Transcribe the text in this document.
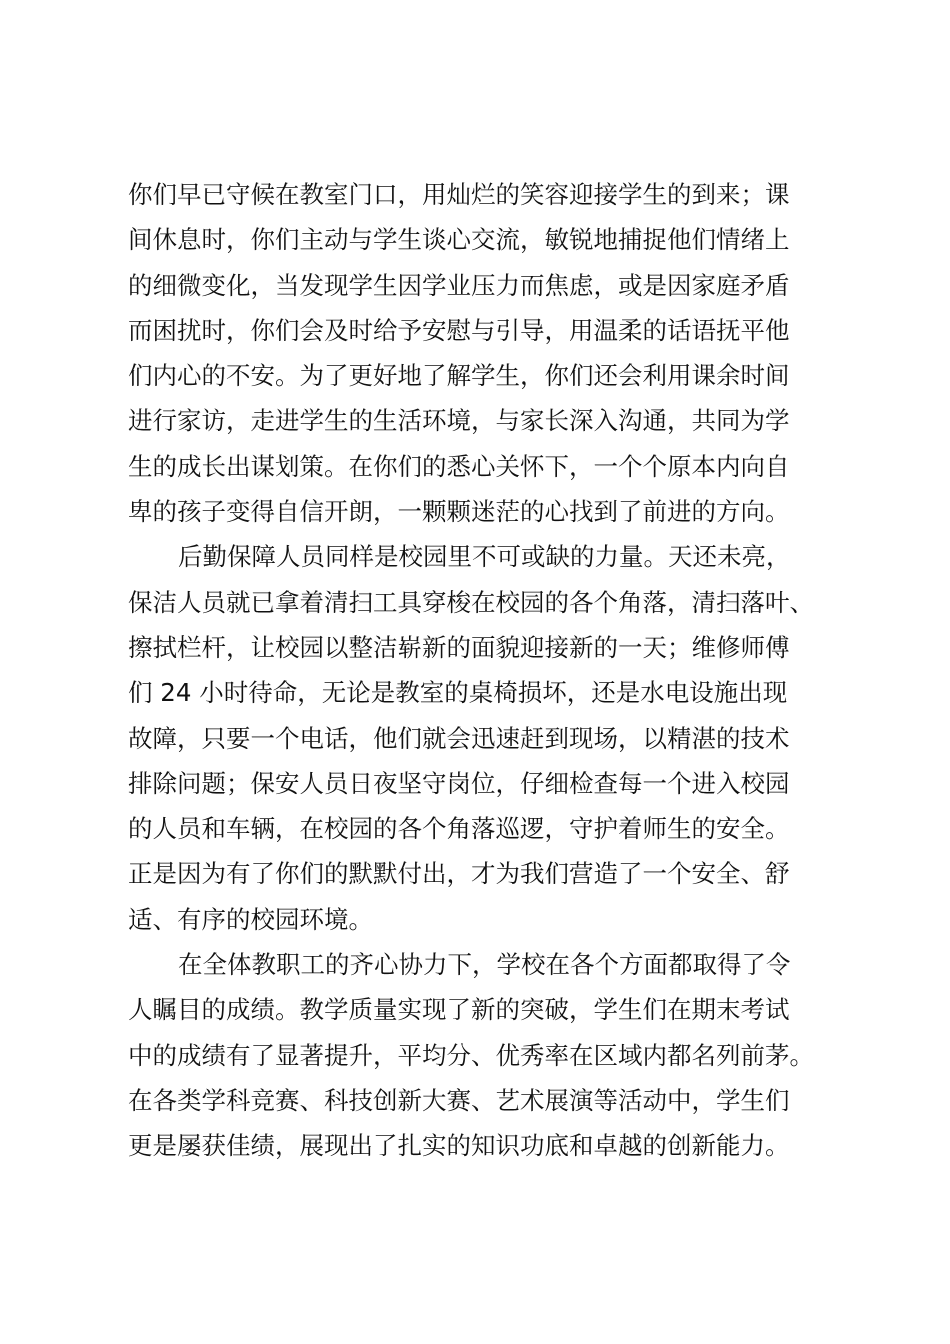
你们早已守候在教室门口，用灿烂的笑容迎接学生的到来；课
间休息时，你们主动与学生谈心交流，敏锐地捕捉他们情绪上
的细微变化，当发现学生因学业压力而焦虑，或是因家庭矛盾
而困扰时，你们会及时给予安慰与引导，用温柔的话语抚平他
们内心的不安。为了更好地了解学生，你们还会利用课余时间
进行家访，走进学生的生活环境，与家长深入沟通，共同为学
生的成长出谋划策。在你们的悉心关怀下，一个个原本内向自
卑的孩子变得自信开朗，一颗颗迷茫的心找到了前进的方向。

后勤保障人员同样是校园里不可或缺的力量。天还未亮，
保洁人员就已拿着清扫工具穿梭在校园的各个角落，清扫落叶、
擦拭栏杆，让校园以整洁崭新的面貌迎接新的一天；维修师傅
们 24 小时待命，无论是教室的桌椅损坏，还是水电设施出现
故障，只要一个电话，他们就会迅速赶到现场，以精湛的技术
排除问题；保安人员日夜坚守岗位，仔细检查每一个进入校园
的人员和车辆，在校园的各个角落巡逻，守护着师生的安全。
正是因为有了你们的默默付出，才为我们营造了一个安全、舒
适、有序的校园环境。

在全体教职工的齐心协力下，学校在各个方面都取得了令
人瞩目的成绩。教学质量实现了新的突破，学生们在期末考试
中的成绩有了显著提升，平均分、优秀率在区域内都名列前茅。
在各类学科竞赛、科技创新大赛、艺术展演等活动中，学生们
更是屡获佳绩，展现出了扎实的知识功底和卓越的创新能力。
